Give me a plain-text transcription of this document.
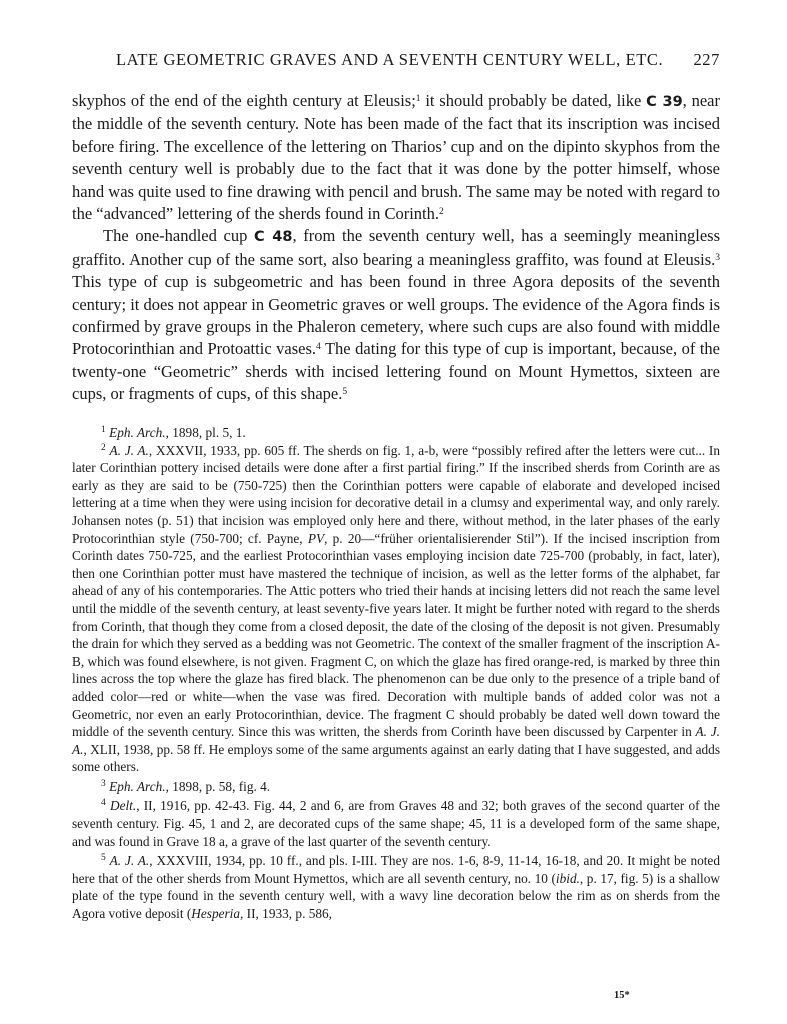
LATE GEOMETRIC GRAVES AND A SEVENTH CENTURY WELL, ETC. 227

skyphos of the end of the eighth century at Eleusis;$^1$ it should probably be dated, like C 39, near the middle of the seventh century. Note has been made of the fact that its inscription was incised before firing. The excellence of the lettering on Tharios’ cup and on the dipinto skyphos from the seventh century well is probably due to the fact that it was done by the potter himself, whose hand was quite used to fine drawing with pencil and brush. The same may be noted with regard to the “advanced” lettering of the sherds found in Corinth.$^2$

The one-handled cup C 48, from the seventh century well, has a seemingly meaningless graffito. Another cup of the same sort, also bearing a meaningless graffito, was found at Eleusis.$^3$ This type of cup is subgeometric and has been found in three Agora deposits of the seventh century; it does not appear in Geometric graves or well groups. The evidence of the Agora finds is confirmed by grave groups in the Phaleron cemetery, where such cups are also found with middle Protocorinthian and Protoattic vases.$^4$ The dating for this type of cup is important, because, of the twenty-one “Geometric” sherds with incised lettering found on Mount Hymettos, sixteen are cups, or fragments of cups, of this shape.$^5$

$^1$ Eph. Arch., 1898, pl. 5, 1.

$^2$ A. J. A., XXXVII, 1933, pp. 605 ff. The sherds on fig. 1, a-b, were “possibly refired after the letters were cut... In later Corinthian pottery incised details were done after a first partial firing.” If the inscribed sherds from Corinth are as early as they are said to be (750-725) then the Corinthian potters were capable of elaborate and developed incised lettering at a time when they were using incision for decorative detail in a clumsy and experimental way, and only rarely. Johansen notes (p. 51) that incision was employed only here and there, without method, in the later phases of the early Protocorinthian style (750-700; cf. Payne, PV, p. 20—“früher orientalisierender Stil”). If the incised inscription from Corinth dates 750-725, and the earliest Protocorinthian vases employing incision date 725-700 (probably, in fact, later), then one Corinthian potter must have mastered the technique of incision, as well as the letter forms of the alphabet, far ahead of any of his contemporaries. The Attic potters who tried their hands at incising letters did not reach the same level until the middle of the seventh century, at least seventy-five years later. It might be further noted with regard to the sherds from Corinth, that though they come from a closed deposit, the date of the closing of the deposit is not given. Presumably the drain for which they served as a bedding was not Geometric. The context of the smaller fragment of the inscription A-B, which was found elsewhere, is not given. Fragment C, on which the glaze has fired orange-red, is marked by three thin lines across the top where the glaze has fired black. The phenomenon can be due only to the presence of a triple band of added color—red or white—when the vase was fired. Decoration with multiple bands of added color was not a Geometric, nor even an early Protocorinthian, device. The fragment C should probably be dated well down toward the middle of the seventh century. Since this was written, the sherds from Corinth have been discussed by Carpenter in A. J. A., XLII, 1938, pp. 58 ff. He employs some of the same arguments against an early dating that I have suggested, and adds some others.

$^3$ Eph. Arch., 1898, p. 58, fig. 4.

$^4$ Delt., II, 1916, pp. 42-43. Fig. 44, 2 and 6, are from Graves 48 and 32; both graves of the second quarter of the seventh century. Fig. 45, 1 and 2, are decorated cups of the same shape; 45, 11 is a developed form of the same shape, and was found in Grave 18 a, a grave of the last quarter of the seventh century.

$^5$ A. J. A., XXXVIII, 1934, pp. 10 ff., and pls. I-III. They are nos. 1-6, 8-9, 11-14, 16-18, and 20. It might be noted here that of the other sherds from Mount Hymettos, which are all seventh century, no. 10 (ibid., p. 17, fig. 5) is a shallow plate of the type found in the seventh century well, with a wavy line decoration below the rim as on sherds from the Agora votive deposit (Hesperia, II, 1933, p. 586,

15*
